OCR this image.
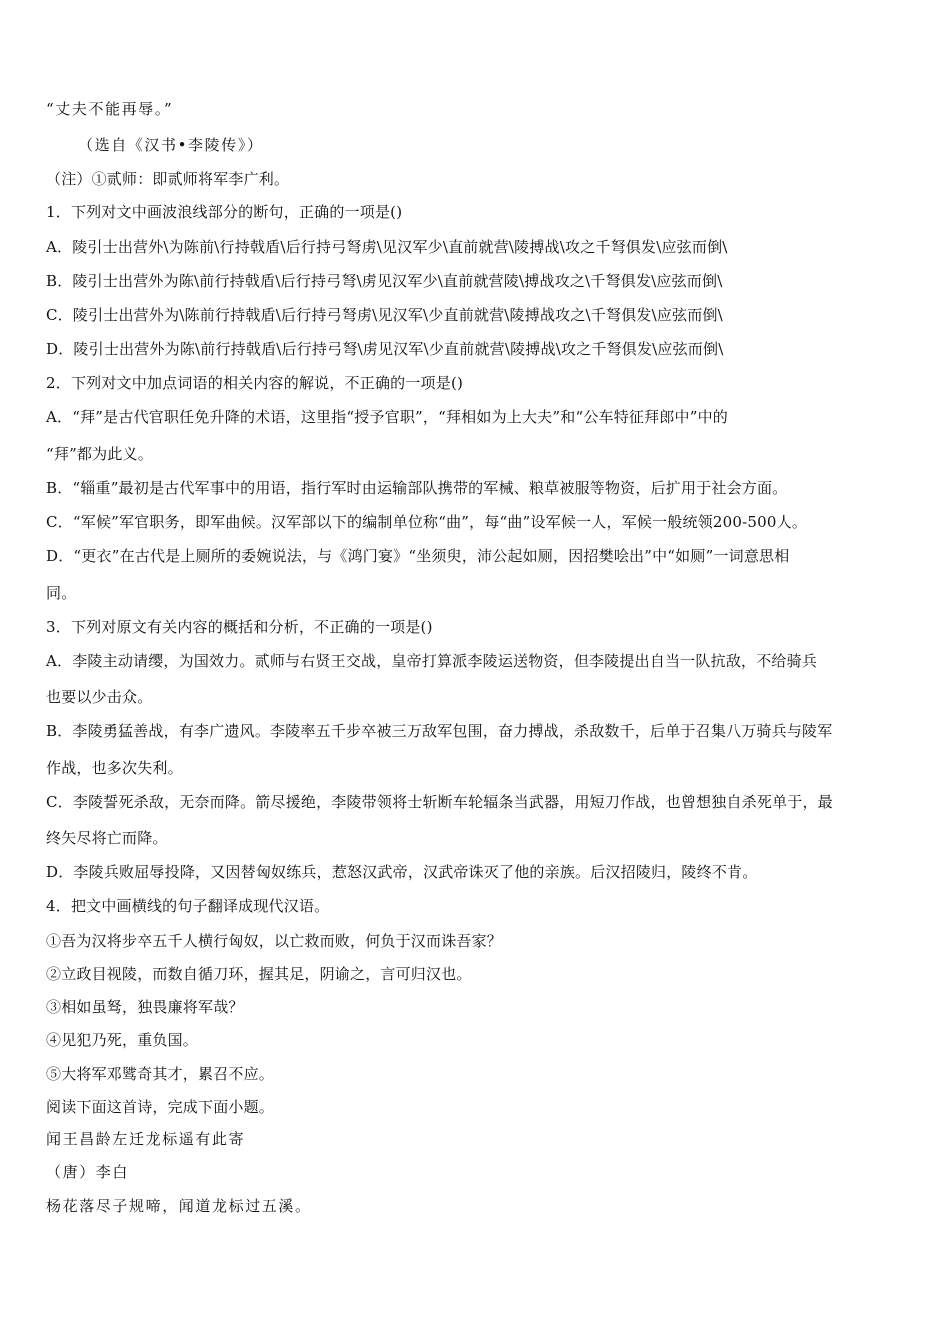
“丈夫不能再辱。”
（选自《汉书•李陵传》）
（注）①贰师：即贰师将军李广利。
1．下列对文中画波浪线部分的断句，正确的一项是()
A．陵引士出营外\为陈前\行持戟盾\后行持弓弩虏\见汉军少\直前就营\陵搏战\攻之千弩俱发\应弦而倒\
B．陵引士出营外为陈\前行持戟盾\后行持弓弩\虏见汉军少\直前就营陵\搏战攻之\千弩俱发\应弦而倒\
C．陵引士出营外为\陈前行持戟盾\后行持弓弩虏\见汉军\少直前就营\陵搏战攻之\千弩俱发\应弦而倒\
D．陵引士出营外为陈\前行持戟盾\后行持弓弩\虏见汉军\少直前就营\陵搏战\攻之千弩俱发\应弦而倒\
2．下列对文中加点词语的相关内容的解说，不正确的一项是()
A．“拜”是古代官职任免升降的术语，这里指“授予官职”，“拜相如为上大夫”和“公车特征拜郎中”中的
“拜”都为此义。
B．“辎重”最初是古代军事中的用语，指行军时由运输部队携带的军械、粮草被服等物资，后扩用于社会方面。
C．“军候”军官职务，即军曲候。汉军部以下的编制单位称“曲”，每“曲”设军候一人，军候一般统领200-500人。
D．“更衣”在古代是上厕所的委婉说法，与《鸿门宴》“坐须臾，沛公起如厕，因招樊哙出”中“如厕”一词意思相
同。
3．下列对原文有关内容的概括和分析，不正确的一项是()
A．李陵主动请缨，为国效力。贰师与右贤王交战，皇帝打算派李陵运送物资，但李陵提出自当一队抗敌，不给骑兵
也要以少击众。
B．李陵勇猛善战，有李广遗风。李陵率五千步卒被三万敌军包围，奋力搏战，杀敌数千，后单于召集八万骑兵与陵军
作战，也多次失利。
C．李陵誓死杀敌，无奈而降。箭尽援绝，李陵带领将士斩断车轮辐条当武器，用短刀作战，也曾想独自杀死单于，最
终矢尽将亡而降。
D．李陵兵败屈辱投降，又因替匈奴练兵，惹怒汉武帝，汉武帝诛灭了他的亲族。后汉招陵归，陵终不肯。
4．把文中画横线的句子翻译成现代汉语。
①吾为汉将步卒五千人横行匈奴，以亡救而败，何负于汉而诛吾家？
②立政目视陵，而数自循刀环，握其足，阴谕之，言可归汉也。
③相如虽驽，独畏廉将军哉？
④见犯乃死，重负国。
⑤大将军邓骘奇其才，累召不应。
阅读下面这首诗，完成下面小题。
闻王昌龄左迁龙标遥有此寄
（唐）李白
杨花落尽子规啼，闻道龙标过五溪。
